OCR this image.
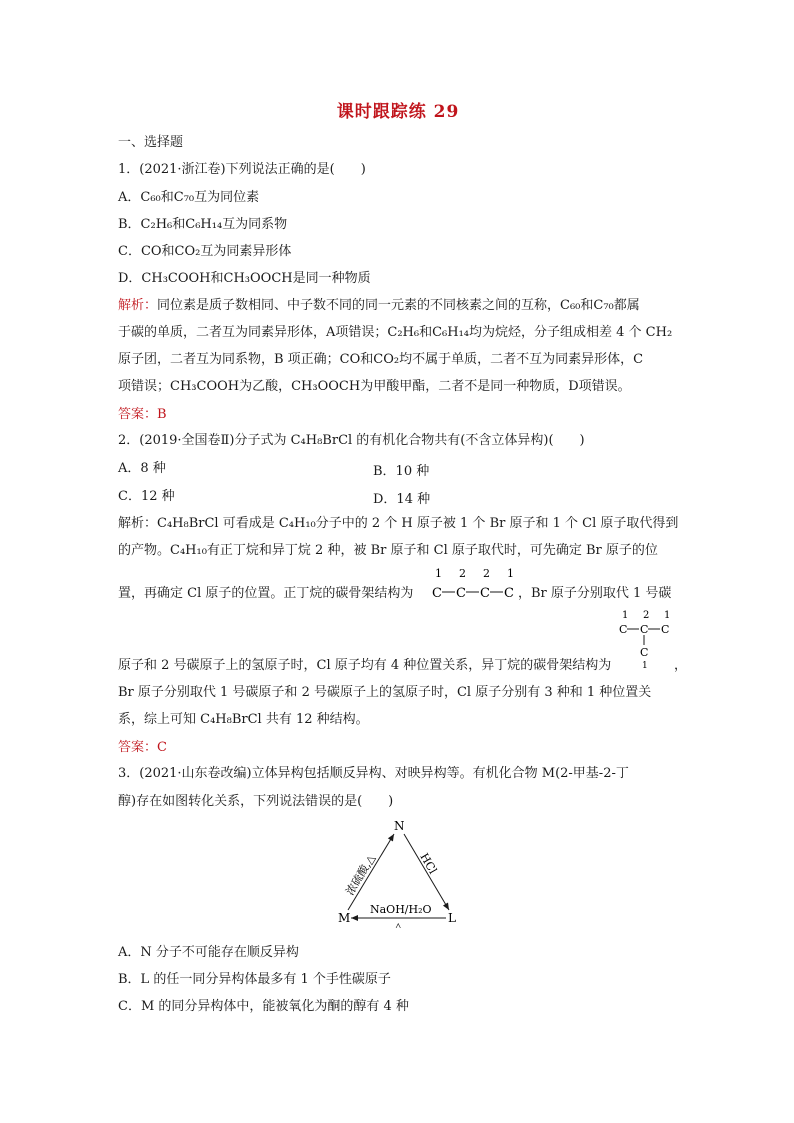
课时跟踪练 29
一、选择题
1．(2021·浙江卷)下列说法正确的是(　　)
A．C₆₀和C₇₀互为同位素
B．C₂H₆和C₆H₁₄互为同系物
C．CO和CO₂互为同素异形体
D．CH₃COOH和CH₃OOCH是同一种物质
解析：同位素是质子数相同、中子数不同的同一元素的不同核素之间的互称，C₆₀和C₇₀都属
于碳的单质，二者互为同素异形体，A项错误；C₂H₆和C₆H₁₄均为烷烃，分子组成相差 4 个 CH₂
原子团，二者互为同系物，B 项正确；CO和CO₂均不属于单质，二者不互为同素异形体，C
项错误；CH₃COOH为乙酸，CH₃OOCH为甲酸甲酯，二者不是同一种物质，D项错误。
答案：B
2．(2019·全国卷Ⅱ)分子式为 C₄H₈BrCl 的有机化合物共有(不含立体异构)(　　)
A．8 种	B．10 种
C．12 种	D．14 种
解析：C₄H₈BrCl 可看成是 C₄H₁₀分子中的 2 个 H 原子被 1 个 Br 原子和 1 个 Cl 原子取代得到
的产物。C₄H₁₀有正丁烷和异丁烷 2 种，被 Br 原子和 Cl 原子取代时，可先确定 Br 原子的位
置，再确定 Cl 原子的位置。正丁烷的碳骨架结构为
1 2 2 1
C C C C ，Br 原子分别取代 1 号碳
1 2 1
C C C
C
1
原子和 2 号碳原子上的氢原子时，Cl 原子均有 4 种位置关系，异丁烷的碳骨架结构为	，
Br 原子分别取代 1 号碳原子和 2 号碳原子上的氢原子时，Cl 原子分别有 3 种和 1 种位置关
系，综上可知 C₄H₈BrCl 共有 12 种结构。
答案：C
3．(2021·山东卷改编)立体异构包括顺反异构、对映异构等。有机化合物 M(2-甲基-2-丁
醇)存在如图转化关系，下列说法错误的是(　　)
N
M	L
浓硫酸,△	HCl
NaOH/H₂O
△
A．N 分子不可能存在顺反异构
B．L 的任一同分异构体最多有 1 个手性碳原子
C．M 的同分异构体中，能被氧化为酮的醇有 4 种
